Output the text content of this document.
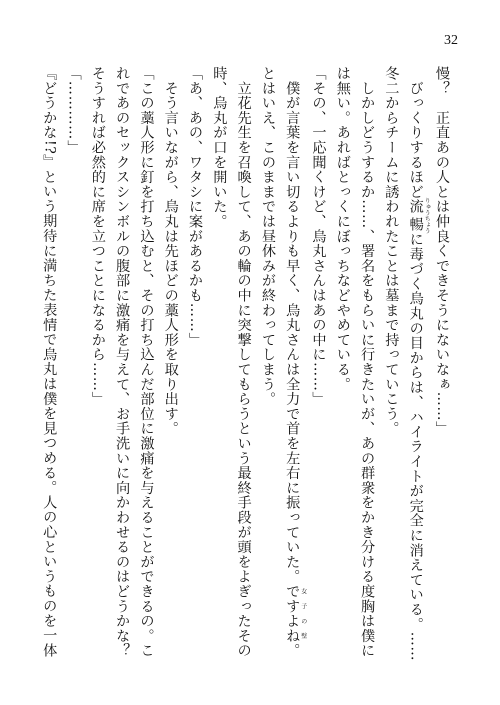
32
慢？　正直あの人とは仲良くできそうにないなぁ……」
　びっくりするほど流暢 りゅうちょうに毒づく烏丸の目からは、ハイライトが完全に消えている。……
冬二からチームに誘われたことは墓まで持っていこう。
　しかしどうするか……、署名をもらいに行きたいが、あの群衆をかき分ける度胸は僕に
は無い。あればとっくにぼっちなどやめている。
「その、一応聞くけど、烏丸さんはあの中に……」
　僕が言葉を言い切るよりも早く、烏丸さんは全力で首を左右に振っていた。ですよね 女子の壁。
とはいえ、このままでは昼休みが終わってしまう。
　立花先生を召喚して、あの輪の中に突撃してもらうという最終手段が頭をよぎったその
時、烏丸が口を開いた。
「あ、あの、ワタシに案があるかも……」
　そう言いながら、烏丸は先ほどの藁人形を取り出す。
「この藁人形に釘を打ち込むと、その打ち込んだ部位に激痛を与えることができるの。こ
れであのセックスシンボルの腹部に激痛を与えて、お手洗いに向かわせるのはどうかな？
そうすれば必然的に席を立つことになるから……」
「…………」
『どうかな!?』という期待に満ちた表情で烏丸は僕を見つめる。人の心というものを一体
